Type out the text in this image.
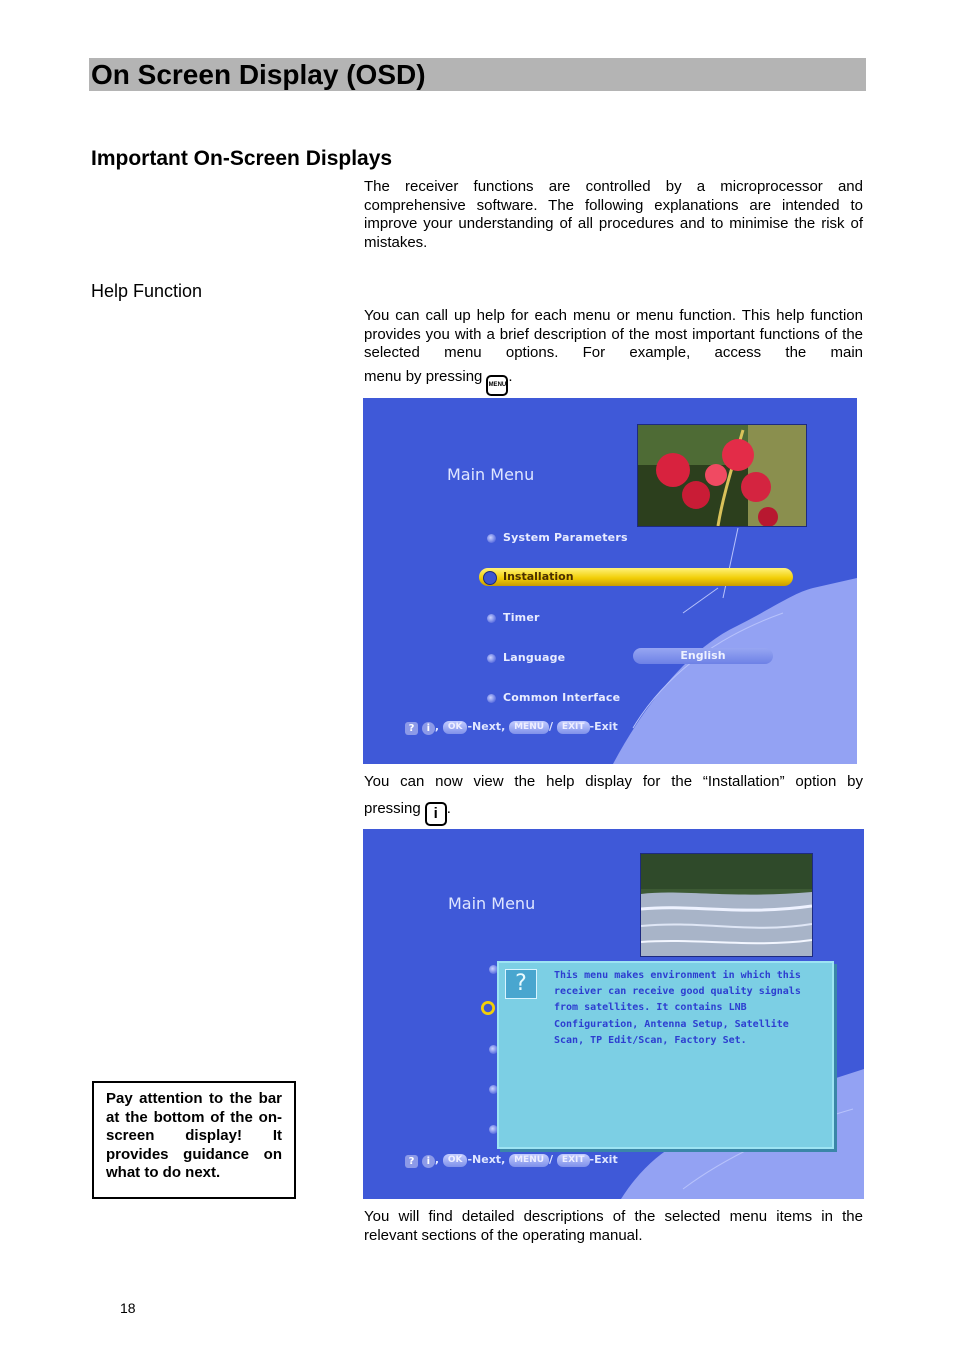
On Screen Display (OSD)
Important On-Screen Displays
The receiver functions are controlled by a microprocessor and comprehensive software. The following explanations are intended to improve your understanding of all procedures and to minimise the risk of mistakes.
Help Function
You can call up help for each menu or menu function. This help function provides you with a brief description of the most important functions of the selected menu options. For example, access the main
menu by pressing MENU .
Main Menu
System Parameters
Installation
Timer
Language	English
Common Interface
? i , OK -Next, MENU / EXIT -Exit
You can now view the help display for the “Installation” option by
pressing i .
Main Menu
?	This menu makes environment in which this receiver can receive good quality signals from satellites. It contains LNB Configuration, Antenna Setup, Satellite Scan, TP Edit/Scan, Factory Set.
? i , OK -Next, MENU / EXIT -Exit
You will find detailed descriptions of the selected menu items in the relevant sections of the operating manual.
Pay attention to the bar at the bottom of the on-screen display! It provides guidance on what to do next.
18
